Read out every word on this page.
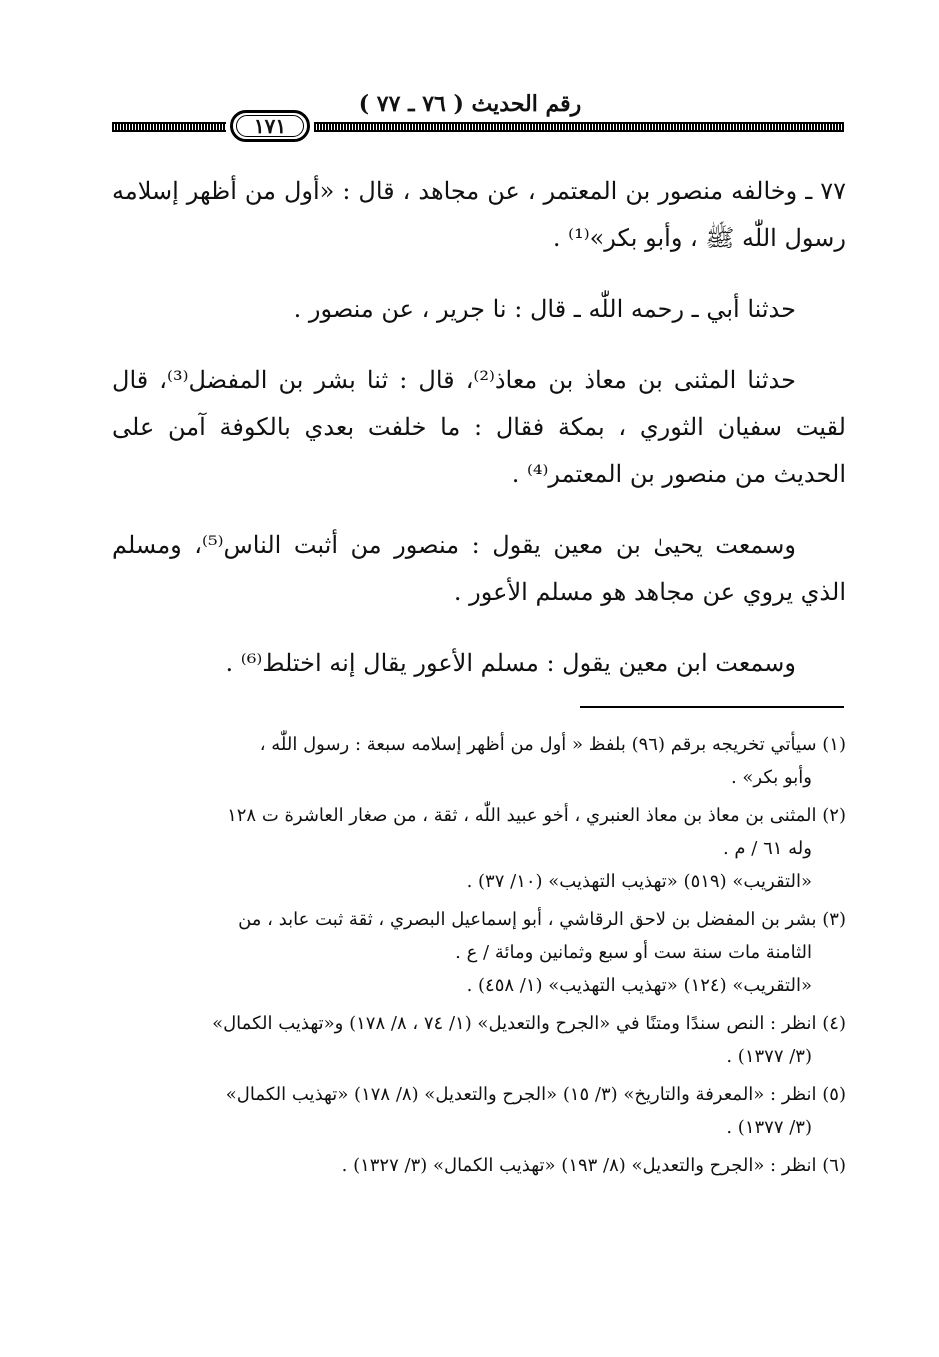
رقم الحديث ( ٧٦ ـ ٧٧ )
١٧١

٧٧ ـ وخالفه منصور بن المعتمر ، عن مجاهد ، قال : «أول من أظهر إسلامه رسول اللّٰه ﷺ ، وأبو بكر»⁽¹⁾ .

حدثنا أبي ـ رحمه اللّٰه ـ قال : نا جرير ، عن منصور .

حدثنا المثنى بن معاذ بن معاذ⁽²⁾، قال : ثنا بشر بن المفضل⁽³⁾، قال لقيت سفيان الثوري ، بمكة فقال : ما خلفت بعدي بالكوفة آمن على الحديث من منصور بن المعتمر⁽⁴⁾ .

وسمعت يحيىٰ بن معين يقول : منصور من أثبت الناس⁽⁵⁾، ومسلم الذي يروي عن مجاهد هو مسلم الأعور .

وسمعت ابن معين يقول : مسلم الأعور يقال إنه اختلط⁽⁶⁾ .

(١) سيأتي تخريجه برقم (٩٦) بلفظ « أول من أظهر إسلامه سبعة : رسول اللّٰه ،
وأبو بكر» .
(٢) المثنى بن معاذ بن معاذ العنبري ، أخو عبيد اللّٰه ، ثقة ، من صغار العاشرة ت ١٢٨
وله ٦١ / م .
«التقريب» (٥١٩) «تهذيب التهذيب» (١٠/ ٣٧) .
(٣) بشر بن المفضل بن لاحق الرقاشي ، أبو إسماعيل البصري ، ثقة ثبت عابد ، من
الثامنة مات سنة ست أو سبع وثمانين ومائة / ع .
«التقريب» (١٢٤) «تهذيب التهذيب» (١/ ٤٥٨) .
(٤) انظر : النص سندًا ومتنًا في «الجرح والتعديل» (١/ ٧٤ ، ٨/ ١٧٨) و«تهذيب الكمال»
(٣/ ١٣٧٧) .
(٥) انظر : «المعرفة والتاريخ» (٣/ ١٥) «الجرح والتعديل» (٨/ ١٧٨) «تهذيب الكمال»
(٣/ ١٣٧٧) .
(٦) انظر : «الجرح والتعديل» (٨/ ١٩٣) «تهذيب الكمال» (٣/ ١٣٢٧) .
